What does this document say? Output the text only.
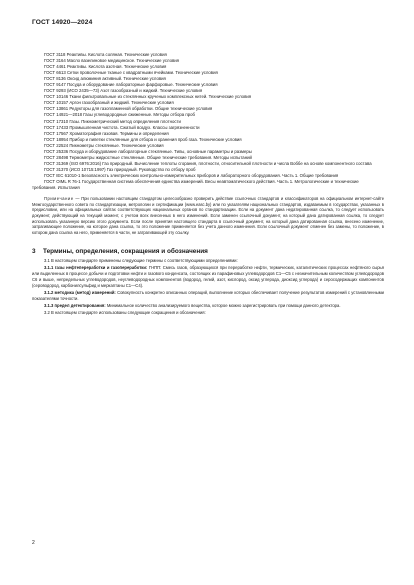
ГОСТ 14920—2024
ГОСТ 3118 Реактивы. Кислота соляная. Технические условия
ГОСТ 3164 Масло вазелиновое медицинское. Технические условия
ГОСТ 4461 Реактивы. Кислота азотная. Технические условия
ГОСТ 6613 Сетки проволочные тканые с квадратными ячейками. Технические условия
ГОСТ 8136 Оксид алюминия активный. Технические условия
ГОСТ 9147 Посуда и оборудование лабораторные фарфоровые. Технические условия
ГОСТ 9293 (ИСО 2435—73) Азот газообразный и жидкий. Технические условия
ГОСТ 10146 Ткани фильтровальные из стеклянных крученых комплексных нитей. Технические условия
ГОСТ 10157 Аргон газообразный и жидкий. Технические условия
ГОСТ 13861 Редукторы для газопламенной обработки. Общие технические условия
ГОСТ 14921—2018 Газы углеводородные сжиженные. Методы отбора проб
ГОСТ 17310 Газы. Пикнометрический метод определения плотности
ГОСТ 17433 Промышленная чистота. Сжатый воздух. Классы загрязненности
ГОСТ 17567 Хроматография газовая. Термины и определения
ГОСТ 18954 Прибор и пипетки стеклянные для отбора и хранения проб газа. Технические условия
ГОСТ 22524 Пикнометры стеклянные. Технические условия
ГОСТ 25336 Посуда и оборудование лабораторные стеклянные. Типы, основные параметры и размеры
ГОСТ 28498 Термометры жидкостные стеклянные. Общие технические требования. Методы испытаний
ГОСТ 31369 (ISO 6976:2016) Газ природный. Вычисление теплоты сгорания, плотности, относительной плотности и числа Воббе на основе компонентного состава
ГОСТ 31370 (ИСО 10715:1997) Газ природный. Руководство по отбору проб
ГОСТ IEC 61010-1 Безопасность электрических контрольно-измерительных приборов и лабораторного оборудования. Часть 1. Общие требования
ГОСТ OIML R 76-1 Государственная система обеспечения единства измерений. Весы неавтоматического действия. Часть 1. Метрологические и технические требования. Испытания
Примечание — При пользовании настоящим стандартом целесообразно проверить действие ссылочных стандартов и классификаторов на официальном интернет-сайте Межгосударственного совета по стандартизации, метрологии и сертификации (www.easc.by) или по указателям национальных стандартов, издаваемым в государствах, указанных в предисловии, или на официальных сайтах соответствующих национальных органов по стандартизации. Если на документ дана недатированная ссылка, то следует использовать документ, действующий на текущий момент, с учетом всех внесенных в него изменений. Если заменен ссылочный документ, на который дана датированная ссылка, то следует использовать указанную версию этого документа. Если после принятия настоящего стандарта в ссылочный документ, на который дана датированная ссылка, внесено изменение, затрагивающее положение, на которое дана ссылка, то это положение применяется без учета данного изменения. Если ссылочный документ отменен без замены, то положение, в котором дана ссылка на него, применяется в части, не затрагивающей эту ссылку.
3 Термины, определения, сокращения и обозначения

3.1 В настоящем стандарте применены следующие термины с соответствующими определениями:

3.1.1 газы нефтепереработки и газопереработки: ГНПП: Смесь газов, образующихся при переработке нефти, термических, каталитических процессах нефтяного сырья или выделенных в процессе добычи и подготовки нефти и газового конденсата, состоящих из парафиновых углеводородов С1—С5 с незначительным количеством углеводородов С6 и выше, непредельных углеводородов, неуглеводородных компонентов (водород, гелий, азот, кислород, оксид углерода, диоксид углерода) и серосодержащих компонентов (сероводород, карбонилсульфид и меркаптаны С1—С4).

3.1.2 методика (метод) измерений: Совокупность конкретно описанных операций, выполнение которых обеспечивает получение результатов измерений с установленными показателями точности.

3.1.3 предел детектирования: Минимальное количество анализируемого вещества, которое можно зарегистрировать при помощи данного детектора.

3.2 В настоящем стандарте использованы следующие сокращения и обозначения:

2
